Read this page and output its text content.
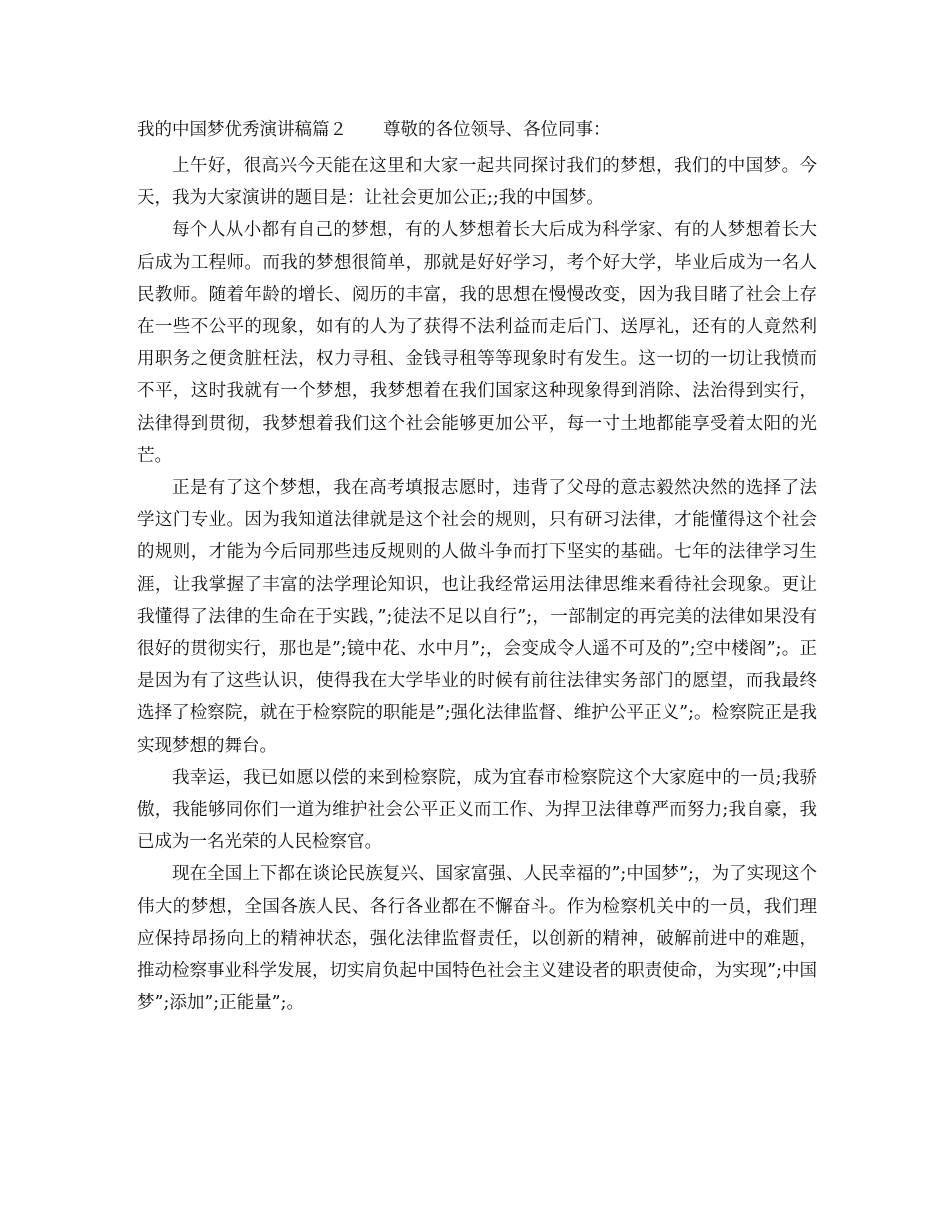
我的中国梦优秀演讲稿篇２ 尊敬的各位领导、各位同事：

上午好，很高兴今天能在这里和大家一起共同探讨我们的梦想，我们的中国梦。今天，我为大家演讲的题目是：让社会更加公正;;我的中国梦。

每个人从小都有自己的梦想，有的人梦想着长大后成为科学家、有的人梦想着长大后成为工程师。而我的梦想很简单，那就是好好学习，考个好大学，毕业后成为一名人民教师。随着年龄的增长、阅历的丰富，我的思想在慢慢改变，因为我目睹了社会上存在一些不公平的现象，如有的人为了获得不法利益而走后门、送厚礼，还有的人竟然利用职务之便贪脏枉法，权力寻租、金钱寻租等等现象时有发生。这一切的一切让我愤而不平，这时我就有一个梦想，我梦想着在我们国家这种现象得到消除、法治得到实行，法律得到贯彻，我梦想着我们这个社会能够更加公平，每一寸土地都能享受着太阳的光芒。

正是有了这个梦想，我在高考填报志愿时，违背了父母的意志毅然决然的选择了法学这门专业。因为我知道法律就是这个社会的规则，只有研习法律，才能懂得这个社会的规则，才能为今后同那些违反规则的人做斗争而打下坚实的基础。七年的法律学习生涯，让我掌握了丰富的法学理论知识，也让我经常运用法律思维来看待社会现象。更让我懂得了法律的生命在于实践，”;徒法不足以自行”;，一部制定的再完美的法律如果没有很好的贯彻实行，那也是”;镜中花、水中月”;，会变成令人遥不可及的”;空中楼阁”;。正是因为有了这些认识，使得我在大学毕业的时候有前往法律实务部门的愿望，而我最终选择了检察院，就在于检察院的职能是”;强化法律监督、维护公平正义”;。检察院正是我实现梦想的舞台。

我幸运，我已如愿以偿的来到检察院，成为宜春市检察院这个大家庭中的一员;我骄傲，我能够同你们一道为维护社会公平正义而工作、为捍卫法律尊严而努力;我自豪，我已成为一名光荣的人民检察官。

现在全国上下都在谈论民族复兴、国家富强、人民幸福的”;中国梦”;，为了实现这个伟大的梦想，全国各族人民、各行各业都在不懈奋斗。作为检察机关中的一员，我们理应保持昂扬向上的精神状态，强化法律监督责任，以创新的精神，破解前进中的难题，推动检察事业科学发展，切实肩负起中国特色社会主义建设者的职责使命，为实现”;中国梦”;添加”;正能量”;。
